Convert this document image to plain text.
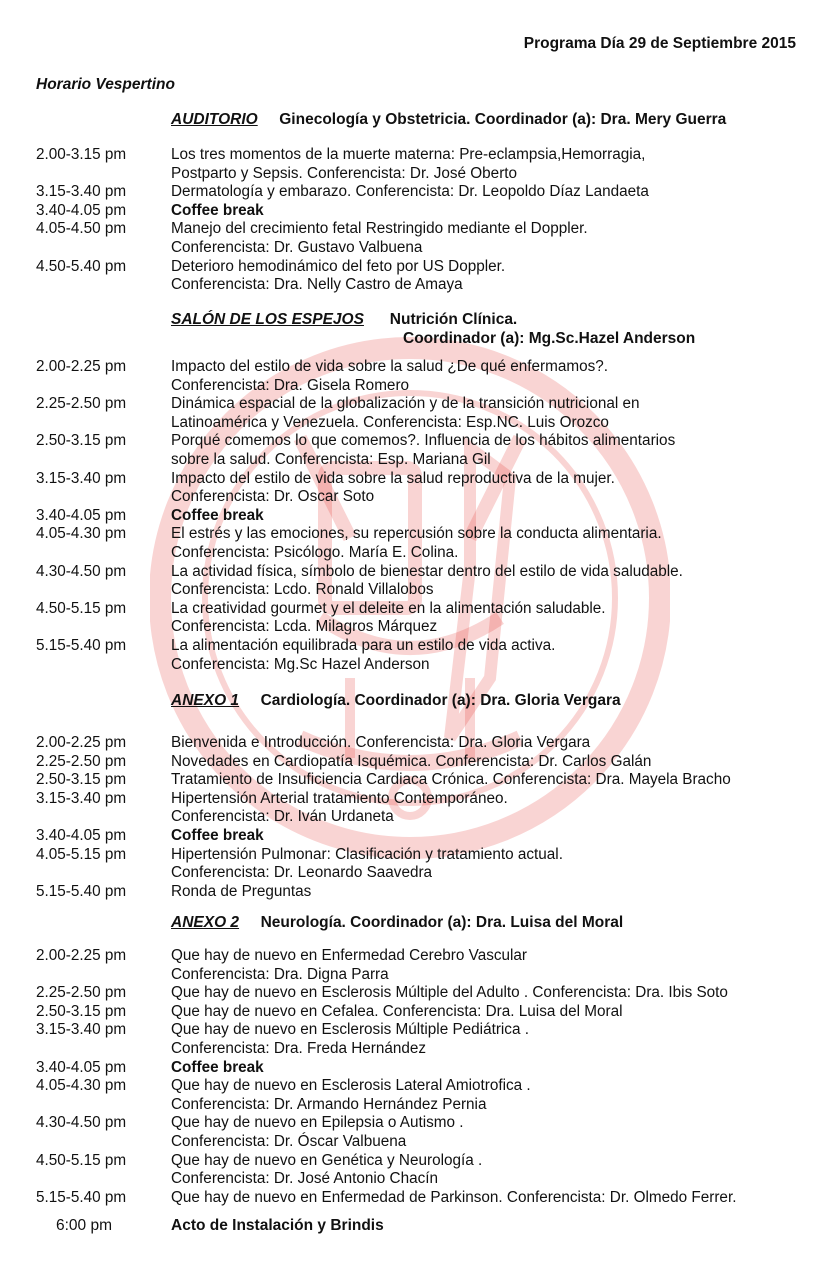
Programa Día 29 de Septiembre 2015
Horario Vespertino
AUDITORIO Ginecología y Obstetricia. Coordinador (a): Dra. Mery Guerra
2.00-3.15 pm	Los tres momentos de la muerte materna: Pre-eclampsia,Hemorragia,
Postparto y Sepsis. Conferencista: Dr. José Oberto
3.15-3.40 pm	Dermatología y embarazo. Conferencista: Dr. Leopoldo Díaz Landaeta
3.40-4.05 pm	Coffee break
4.05-4.50 pm	Manejo del crecimiento fetal Restringido mediante el Doppler.
Conferencista: Dr. Gustavo Valbuena
4.50-5.40 pm	Deterioro hemodinámico del feto por US Doppler.
Conferencista: Dra. Nelly Castro de Amaya
SALÓN DE LOS ESPEJOS Nutrición Clínica.
Coordinador (a): Mg.Sc.Hazel Anderson
2.00-2.25 pm	Impacto del estilo de vida sobre la salud ¿De qué enfermamos?.
Conferencista: Dra. Gisela Romero
2.25-2.50 pm	Dinámica espacial de la globalización y de la transición nutricional en
Latinoamérica y Venezuela. Conferencista: Esp.NC. Luis Orozco
2.50-3.15 pm	Porqué comemos lo que comemos?. Influencia de los hábitos alimentarios
sobre la salud. Conferencista: Esp. Mariana Gil
3.15-3.40 pm	Impacto del estilo de vida sobre la salud reproductiva de la mujer.
Conferencista: Dr. Oscar Soto
3.40-4.05 pm	Coffee break
4.05-4.30 pm	El estrés y las emociones, su repercusión sobre la conducta alimentaria.
Conferencista: Psicólogo. María E. Colina.
4.30-4.50 pm	La actividad física, símbolo de bienestar dentro del estilo de vida saludable.
Conferencista: Lcdo. Ronald Villalobos
4.50-5.15 pm	La creatividad gourmet y el deleite en la alimentación saludable.
Conferencista: Lcda. Milagros Márquez
5.15-5.40 pm	La alimentación equilibrada para un estilo de vida activa.
Conferencista: Mg.Sc Hazel Anderson
ANEXO 1 Cardiología. Coordinador (a): Dra. Gloria Vergara
2.00-2.25 pm	Bienvenida e Introducción. Conferencista: Dra. Gloria Vergara
2.25-2.50 pm	Novedades en Cardiopatía Isquémica. Conferencista: Dr. Carlos Galán
2.50-3.15 pm	Tratamiento de Insuficiencia Cardiaca Crónica. Conferencista: Dra. Mayela Bracho
3.15-3.40 pm	Hipertensión Arterial tratamiento Contemporáneo.
Conferencista: Dr. Iván Urdaneta
3.40-4.05 pm	Coffee break
4.05-5.15 pm	Hipertensión Pulmonar: Clasificación y tratamiento actual.
Conferencista: Dr. Leonardo Saavedra
5.15-5.40 pm	Ronda de Preguntas
ANEXO 2 Neurología. Coordinador (a): Dra. Luisa del Moral
2.00-2.25 pm	Que hay de nuevo en Enfermedad Cerebro Vascular
Conferencista: Dra. Digna Parra
2.25-2.50 pm	Que hay de nuevo en Esclerosis Múltiple del Adulto . Conferencista: Dra. Ibis Soto
2.50-3.15 pm	Que hay de nuevo en Cefalea. Conferencista: Dra. Luisa del Moral
3.15-3.40 pm	Que hay de nuevo en Esclerosis Múltiple Pediátrica .
Conferencista: Dra. Freda Hernández
3.40-4.05 pm	Coffee break
4.05-4.30 pm	Que hay de nuevo en Esclerosis Lateral Amiotrofica .
Conferencista: Dr. Armando Hernández Pernia
4.30-4.50 pm	Que hay de nuevo en Epilepsia o Autismo .
Conferencista: Dr. Óscar Valbuena
4.50-5.15 pm	Que hay de nuevo en Genética y Neurología .
Conferencista: Dr. José Antonio Chacín
5.15-5.40 pm	Que hay de nuevo en Enfermedad de Parkinson. Conferencista: Dr. Olmedo Ferrer.
6:00 pm	Acto de Instalación y Brindis
